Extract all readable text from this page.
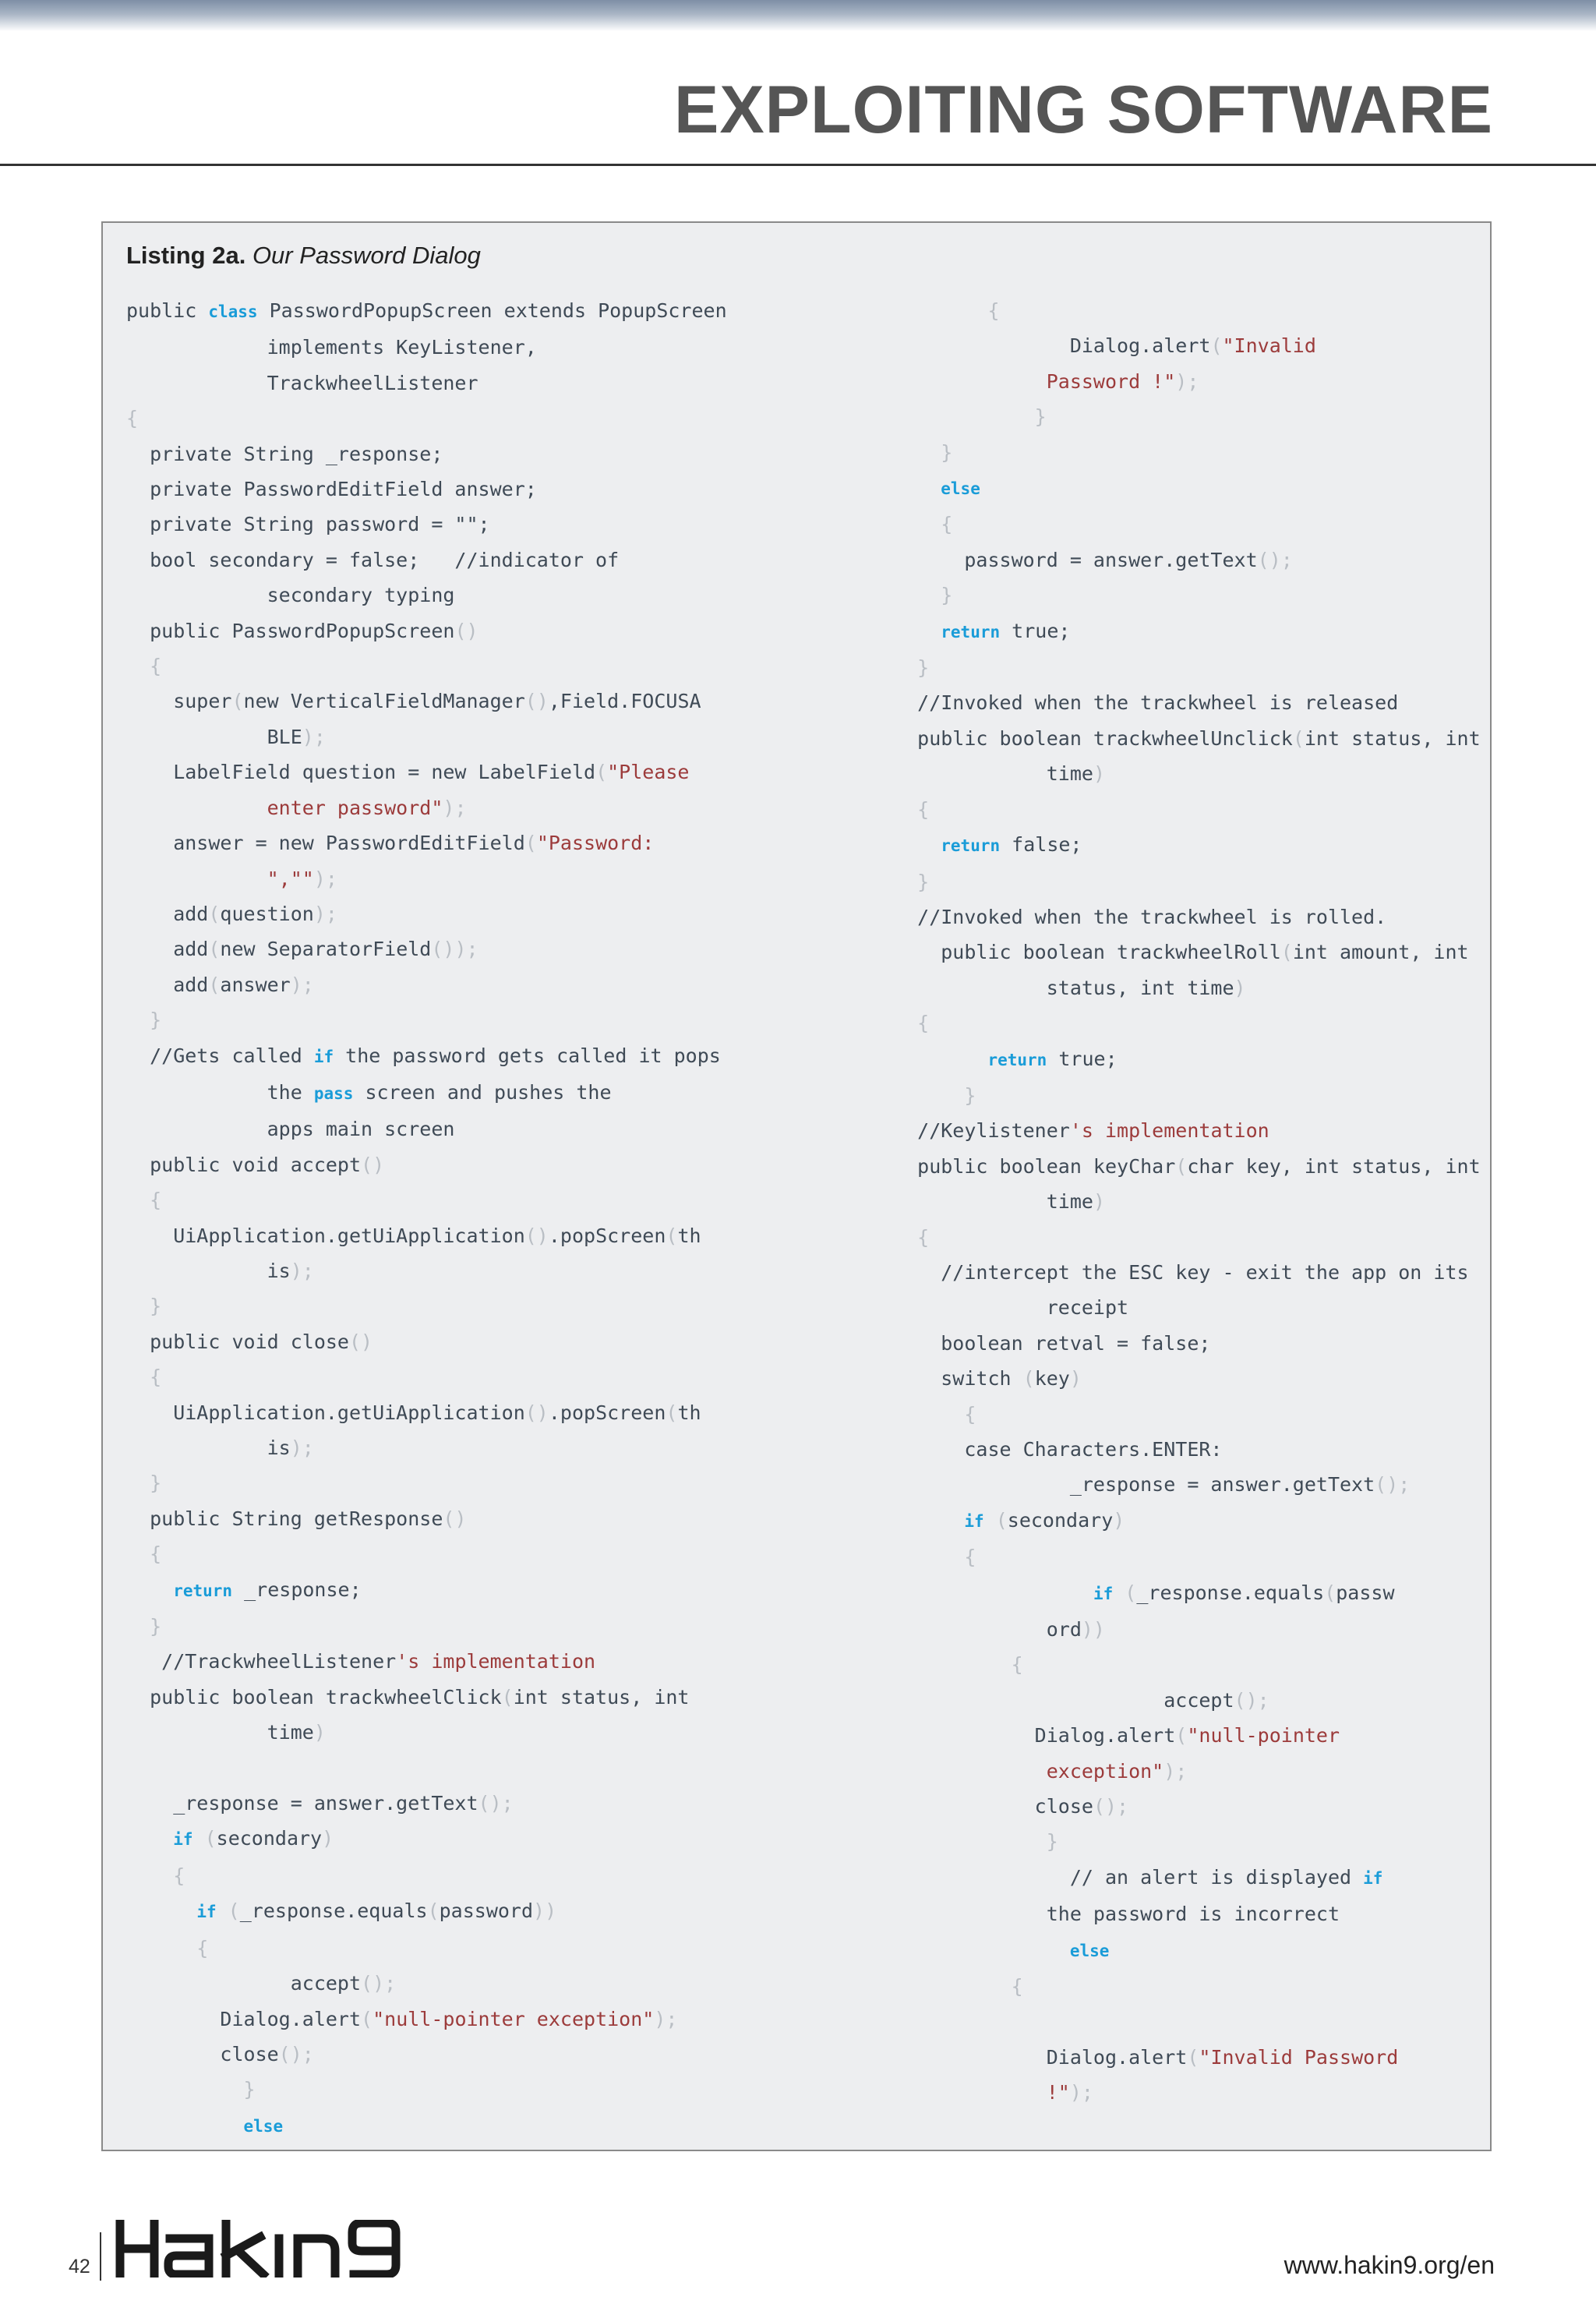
EXPLOITING SOFTWARE
Listing 2a. Our Password Dialog
public class PasswordPopupScreen extends PopupScreen
implements KeyListener,
TrackwheelListener
{
private String _response;
private PasswordEditField answer;
private String password = "";
bool secondary = false;   //indicator of
secondary typing
public PasswordPopupScreen()
{
super(new VerticalFieldManager(),Field.FOCUSA
BLE);
LabelField question = new LabelField("Please
enter password");
answer = new PasswordEditField("Password:
","");
add(question);
add(new SeparatorField());
add(answer);
}
//Gets called if the password gets called it pops
the pass screen and pushes the
apps main screen
public void accept()
{
UiApplication.getUiApplication().popScreen(th
is);
}
public void close()
{
UiApplication.getUiApplication().popScreen(th
is);
}
public String getResponse()
{
return _response;
}
//TrackwheelListener's implementation
public boolean trackwheelClick(int status, int
time)

_response = answer.getText();
if (secondary)
{
if (_response.equals(password))
{
accept();
Dialog.alert("null-pointer exception");
close();
}
else
{
Dialog.alert("Invalid
Password !");
}
}
else
{
password = answer.getText();
}
return true;
}
//Invoked when the trackwheel is released
public boolean trackwheelUnclick(int status, int
time)
{
return false;
}
//Invoked when the trackwheel is rolled.
public boolean trackwheelRoll(int amount, int
status, int time)
{
return true;
}
//Keylistener's implementation
public boolean keyChar(char key, int status, int
time)
{
//intercept the ESC key - exit the app on its
receipt
boolean retval = false;
switch (key)
{
case Characters.ENTER:
_response = answer.getText();
if (secondary)
{
if (_response.equals(passw
ord))
{
accept();
Dialog.alert("null-pointer
exception");
close();
}
// an alert is displayed if
the password is incorrect
else
{

Dialog.alert("Invalid Password
!");
42	www.hakin9.org/en
